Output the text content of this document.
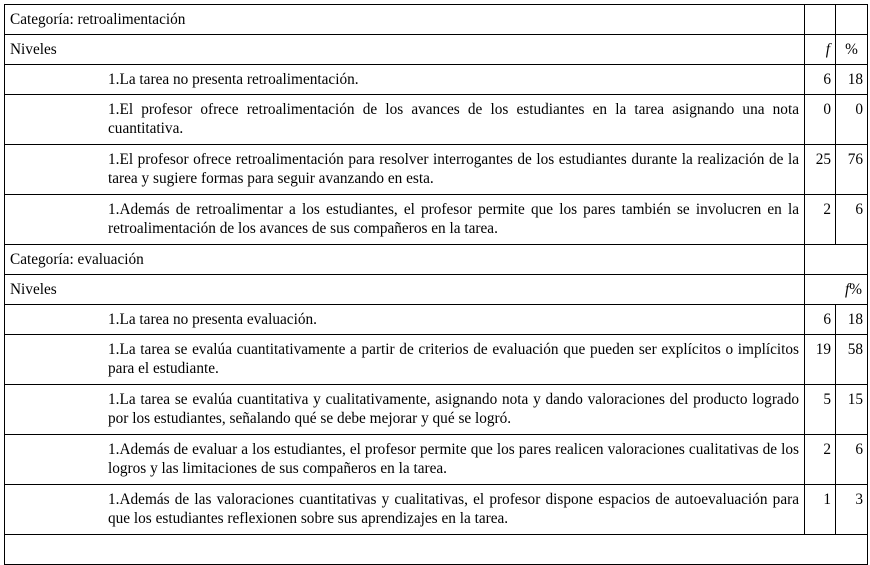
Categoría: retroalimentación		
Niveles	f	%
1.La tarea no presenta retroalimentación.	6	18
1.El profesor ofrece retroalimentación de los avances de los estudiantes en la tarea asignando una nota cuantitativa.	0	0
1.El profesor ofrece retroalimentación para resolver interrogantes de los estudiantes durante la realización de la tarea y sugiere formas para seguir avanzando en esta.	25	76
1.Además de retroalimentar a los estudiantes, el profesor permite que los pares también se involucren en la retroalimentación de los avances de sus compañeros en la tarea.	2	6
Categoría: evaluación		
Niveles	f%	
1.La tarea no presenta evaluación.	6	18
1.La tarea se evalúa cuantitativamente a partir de criterios de evaluación que pueden ser explícitos o implícitos para el estudiante.	19	58
1.La tarea se evalúa cuantitativa y cualitativamente, asignando nota y dando valoraciones del producto logrado por los estudiantes, señalando qué se debe mejorar y qué se logró.	5	15
1.Además de evaluar a los estudiantes, el profesor permite que los pares realicen valoraciones cualitativas de los logros y las limitaciones de sus compañeros en la tarea.	2	6
1.Además de las valoraciones cuantitativas y cualitativas, el profesor dispone espacios de autoevaluación para que los estudiantes reflexionen sobre sus aprendizajes en la tarea.	1	3
